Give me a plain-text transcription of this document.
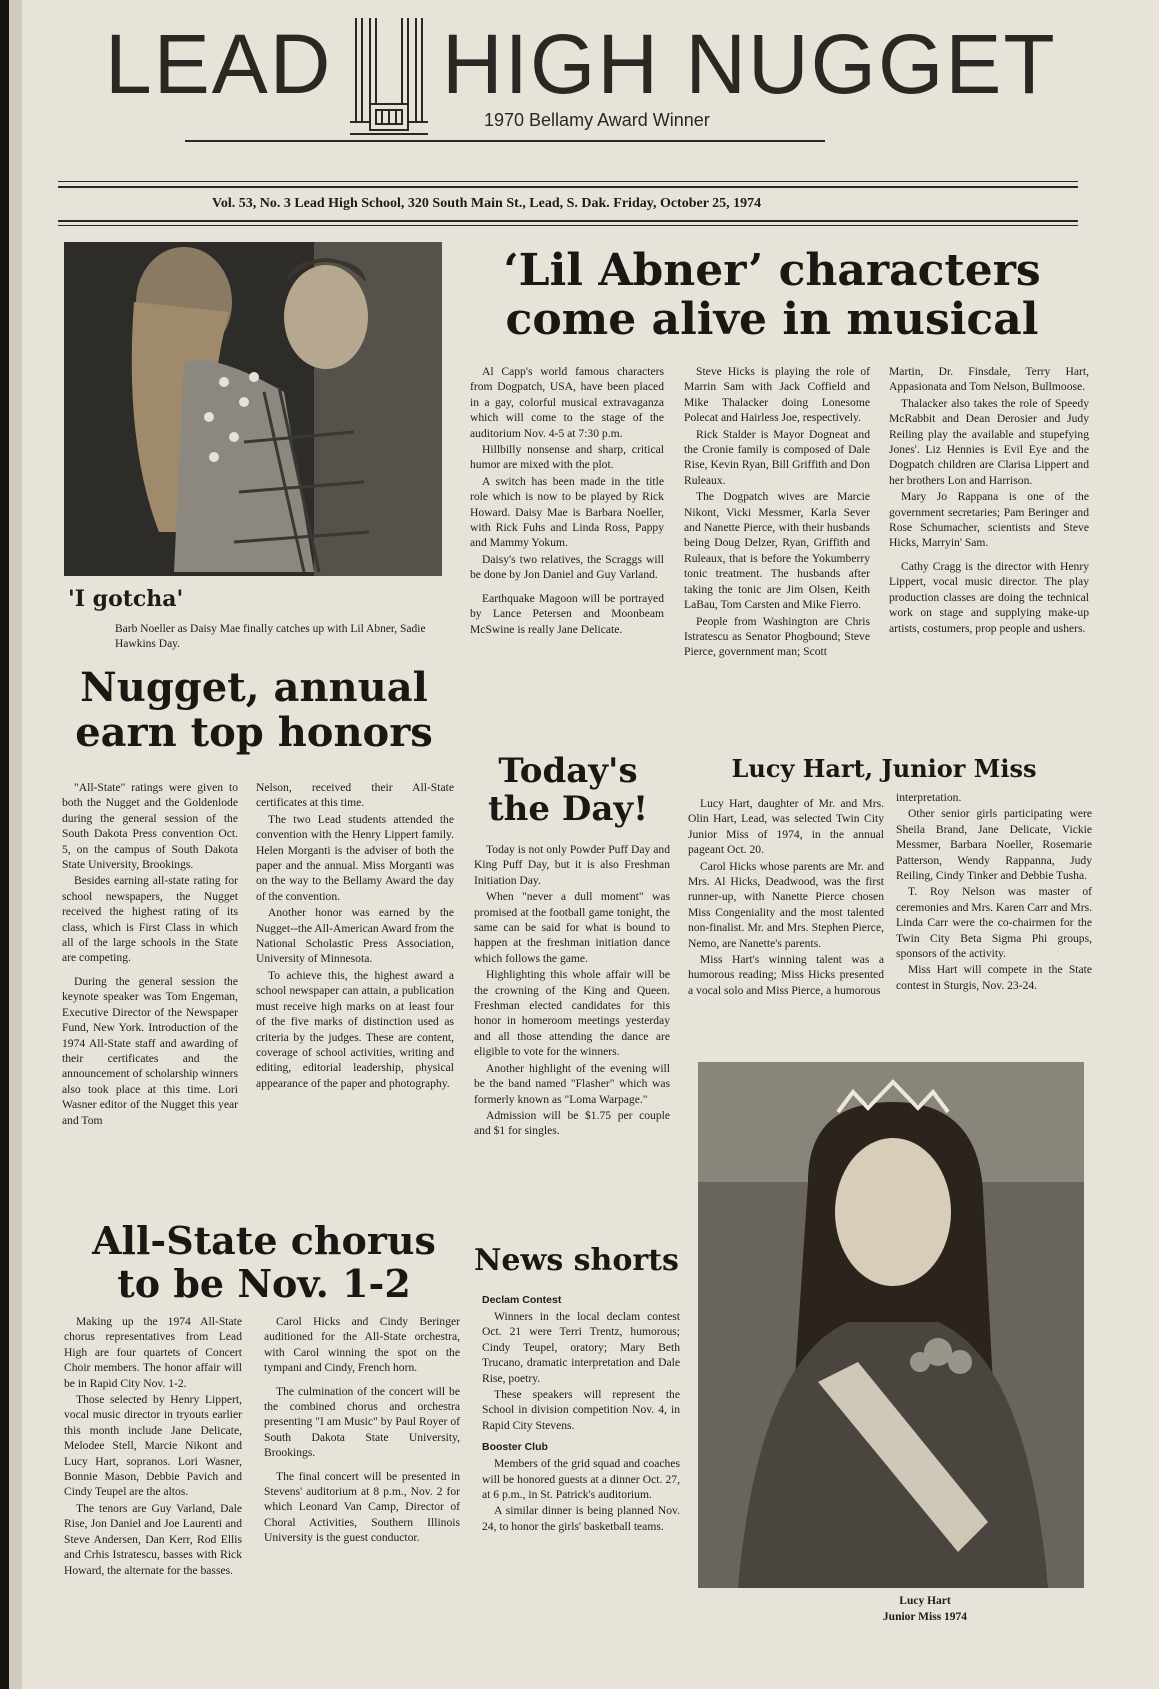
LEAD HIGH NUGGET
1970 Bellamy Award Winner
Vol. 53, No. 3 Lead High School, 320 South Main St., Lead, S. Dak. Friday, October 25, 1974
'I gotcha'
Barb Noeller as Daisy Mae finally catches up with Lil Abner, Sadie Hawkins Day.
‘Lil Abner’ characters
come alive in musical

Al Capp's world famous characters from Dogpatch, USA, have been placed in a gay, colorful musical extravaganza which will come to the stage of the auditorium Nov. 4-5 at 7:30 p.m.

Hillbilly nonsense and sharp, critical humor are mixed with the plot.

A switch has been made in the title role which is now to be played by Rick Howard. Daisy Mae is Barbara Noeller, with Rick Fuhs and Linda Ross, Pappy and Mammy Yokum.

Daisy's two relatives, the Scraggs will be done by Jon Daniel and Guy Varland.

Earthquake Magoon will be portrayed by Lance Petersen and Moonbeam McSwine is really Jane Delicate.

Steve Hicks is playing the role of Marrin Sam with Jack Coffield and Mike Thalacker doing Lonesome Polecat and Hairless Joe, respectively.

Rick Stalder is Mayor Dogneat and the Cronie family is composed of Dale Rise, Kevin Ryan, Bill Griffith and Don Ruleaux.

The Dogpatch wives are Marcie Nikont, Vicki Messmer, Karla Sever and Nanette Pierce, with their husbands being Doug Delzer, Ryan, Griffith and Ruleaux, that is before the Yokumberry tonic treatment. The husbands after taking the tonic are Jim Olsen, Keith LaBau, Tom Carsten and Mike Fierro.

People from Washington are Chris Istratescu as Senator Phogbound; Steve Pierce, government man; Scott

Martin, Dr. Finsdale, Terry Hart, Appasionata and Tom Nelson, Bullmoose.

Thalacker also takes the role of Speedy McRabbit and Dean Derosier and Judy Reiling play the available and stupefying Jones'. Liz Hennies is Evil Eye and the Dogpatch children are Clarisa Lippert and her brothers Lon and Harrison.

Mary Jo Rappana is one of the government secretaries; Pam Beringer and Rose Schumacher, scientists and Steve Hicks, Marryin' Sam.

Cathy Cragg is the director with Henry Lippert, vocal music director. The play production classes are doing the technical work on stage and supplying make-up artists, costumers, prop people and ushers.

Nugget, annual
earn top honors

"All-State" ratings were given to both the Nugget and the Goldenlode during the general session of the South Dakota Press convention Oct. 5, on the campus of South Dakota State University, Brookings.

Besides earning all-state rating for school newspapers, the Nugget received the highest rating of its class, which is First Class in which all of the large schools in the State are competing.

During the general session the keynote speaker was Tom Engeman, Executive Director of the Newspaper Fund, New York. Introduction of the 1974 All-State staff and awarding of their certificates and the announcement of scholarship winners also took place at this time. Lori Wasner editor of the Nugget this year and Tom

Nelson, received their All-State certificates at this time.

The two Lead students attended the convention with the Henry Lippert family. Helen Morganti is the adviser of both the paper and the annual. Miss Morganti was on the way to the Bellamy Award the day of the convention.

Another honor was earned by the Nugget--the All-American Award from the National Scholastic Press Association, University of Minnesota.

To achieve this, the highest award a school newspaper can attain, a publication must receive high marks on at least four of the five marks of distinction used as criteria by the judges. These are content, coverage of school activities, writing and editing, editorial leadership, physical appearance of the paper and photography.

Today's
the Day!

Today is not only Powder Puff Day and King Puff Day, but it is also Freshman Initiation Day.

When "never a dull moment" was promised at the football game tonight, the same can be said for what is bound to happen at the freshman initiation dance which follows the game.

Highlighting this whole affair will be the crowning of the King and Queen. Freshman elected candidates for this honor in homeroom meetings yesterday and all those attending the dance are eligible to vote for the winners.

Another highlight of the evening will be the band named "Flasher" which was formerly known as "Loma Warpage."

Admission will be $1.75 per couple and $1 for singles.

Lucy Hart, Junior Miss

Lucy Hart, daughter of Mr. and Mrs. Olin Hart, Lead, was selected Twin City Junior Miss of 1974, in the annual pageant Oct. 20.

Carol Hicks whose parents are Mr. and Mrs. Al Hicks, Deadwood, was the first runner-up, with Nanette Pierce chosen Miss Congeniality and the most talented non-finalist. Mr. and Mrs. Stephen Pierce, Nemo, are Nanette's parents.

Miss Hart's winning talent was a humorous reading; Miss Hicks presented a vocal solo and Miss Pierce, a humorous

interpretation.

Other senior girls participating were Sheila Brand, Jane Delicate, Vickie Messmer, Barbara Noeller, Rosemarie Patterson, Wendy Rappanna, Judy Reiling, Cindy Tinker and Debbie Tusha.

T. Roy Nelson was master of ceremonies and Mrs. Karen Carr and Mrs. Linda Carr were the co-chairmen for the Twin City Beta Sigma Phi groups, sponsors of the activity.

Miss Hart will compete in the State contest in Sturgis, Nov. 23-24.

Lucy Hart
Junior Miss 1974
All-State chorus
to be Nov. 1-2

Making up the 1974 All-State chorus representatives from Lead High are four quartets of Concert Choir members. The honor affair will be in Rapid City Nov. 1-2.

Those selected by Henry Lippert, vocal music director in tryouts earlier this month include Jane Delicate, Melodee Stell, Marcie Nikont and Lucy Hart, sopranos. Lori Wasner, Bonnie Mason, Debbie Pavich and Cindy Teupel are the altos.

The tenors are Guy Varland, Dale Rise, Jon Daniel and Joe Laurenti and Steve Andersen, Dan Kerr, Rod Ellis and Crhis Istratescu, basses with Rick Howard, the alternate for the basses.

Carol Hicks and Cindy Beringer auditioned for the All-State orchestra, with Carol winning the spot on the tympani and Cindy, French horn.

The culmination of the concert will be the combined chorus and orchestra presenting "I am Music" by Paul Royer of South Dakota State University, Brookings.

The final concert will be presented in Stevens' auditorium at 8 p.m., Nov. 2 for which Leonard Van Camp, Director of Choral Activities, Southern Illinois University is the guest conductor.

News shorts

Declam Contest

Winners in the local declam contest Oct. 21 were Terri Trentz, humorous; Cindy Teupel, oratory; Mary Beth Trucano, dramatic interpretation and Dale Rise, poetry.

These speakers will represent the School in division competition Nov. 4, in Rapid City Stevens.

Booster Club

Members of the grid squad and coaches will be honored guests at a dinner Oct. 27, at 6 p.m., in St. Patrick's auditorium.

A similar dinner is being planned Nov. 24, to honor the girls' basketball teams.
